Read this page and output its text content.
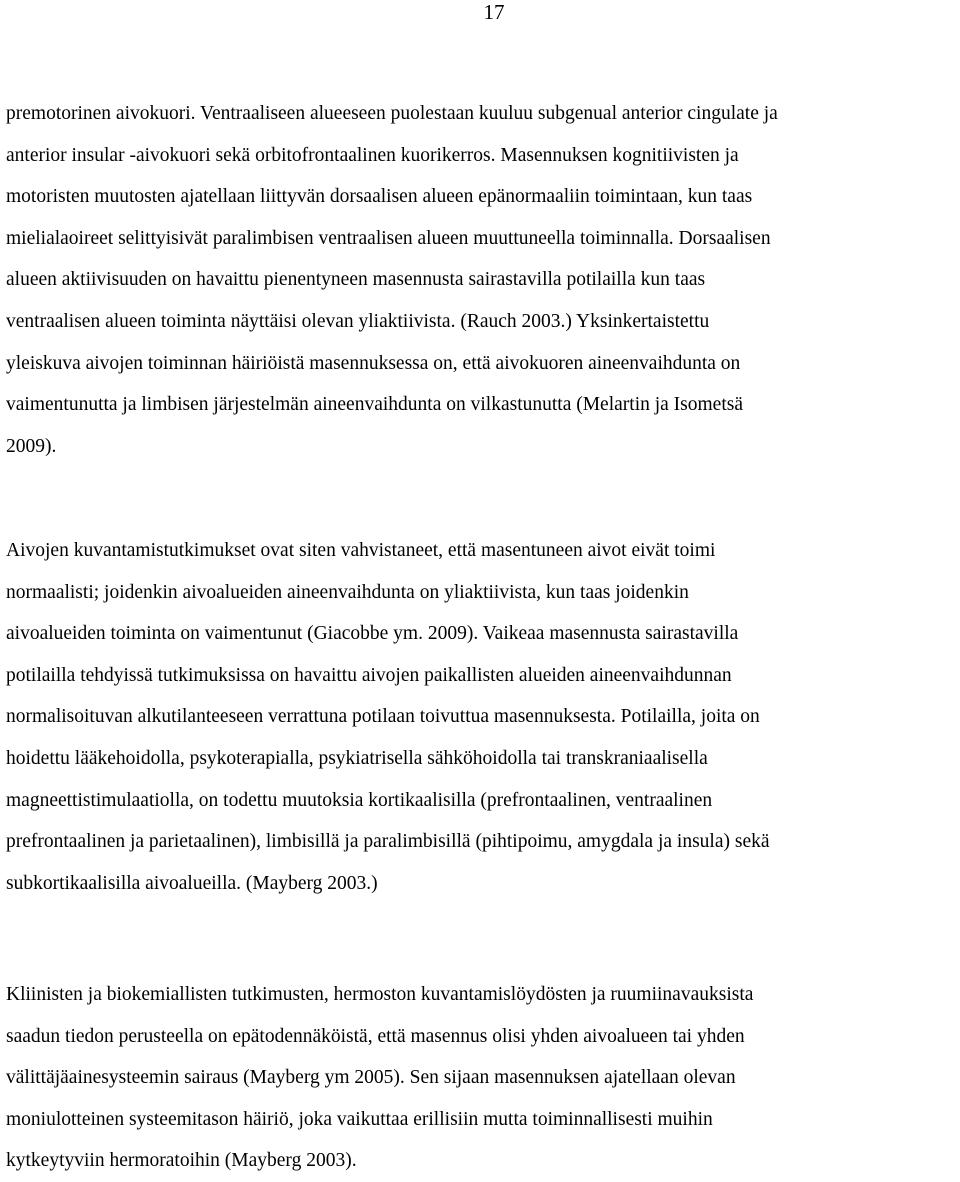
17
premotorinen aivokuori. Ventraaliseen alueeseen puolestaan kuuluu subgenual anterior cingulate ja
anterior insular -aivokuori sekä orbitofrontaalinen kuorikerros. Masennuksen kognitiivisten ja
motoristen muutosten ajatellaan liittyvän dorsaalisen alueen epänormaaliin toimintaan, kun taas
mielialaoireet selittyisivät paralimbisen ventraalisen alueen muuttuneella toiminnalla. Dorsaalisen
alueen aktiivisuuden on havaittu pienentyneen masennusta sairastavilla potilailla kun taas
ventraalisen alueen toiminta näyttäisi olevan yliaktiivista. (Rauch 2003.) Yksinkertaistettu
yleiskuva aivojen toiminnan häiriöistä masennuksessa on, että aivokuoren aineenvaihdunta on
vaimentunutta ja limbisen järjestelmän aineenvaihdunta on vilkastunutta (Melartin ja Isometsä
2009).
Aivojen kuvantamistutkimukset ovat siten vahvistaneet, että masentuneen aivot eivät toimi
normaalisti; joidenkin aivoalueiden aineenvaihdunta on yliaktiivista, kun taas joidenkin
aivoalueiden toiminta on vaimentunut (Giacobbe ym. 2009). Vaikeaa masennusta sairastavilla
potilailla tehdyissä tutkimuksissa on havaittu aivojen paikallisten alueiden aineenvaihdunnan
normalisoituvan alkutilanteeseen verrattuna potilaan toivuttua masennuksesta. Potilailla, joita on
hoidettu lääkehoidolla, psykoterapialla, psykiatrisella sähköhoidolla tai transkraniaalisella
magneettistimulaatiolla, on todettu muutoksia kortikaalisilla (prefrontaalinen, ventraalinen
prefrontaalinen ja parietaalinen), limbisillä ja paralimbisillä (pihtipoimu, amygdala ja insula) sekä
subkortikaalisilla aivoalueilla. (Mayberg 2003.)
Kliinisten ja biokemiallisten tutkimusten, hermoston kuvantamislöydösten ja ruumiinavauksista
saadun tiedon perusteella on epätodennäköistä, että masennus olisi yhden aivoalueen tai yhden
välittäjäainesysteemin sairaus (Mayberg ym 2005). Sen sijaan masennuksen ajatellaan olevan
moniulotteinen systeemitason häiriö, joka vaikuttaa erillisiin mutta toiminnallisesti muihin
kytkeytyviin hermoratoihin (Mayberg 2003).
